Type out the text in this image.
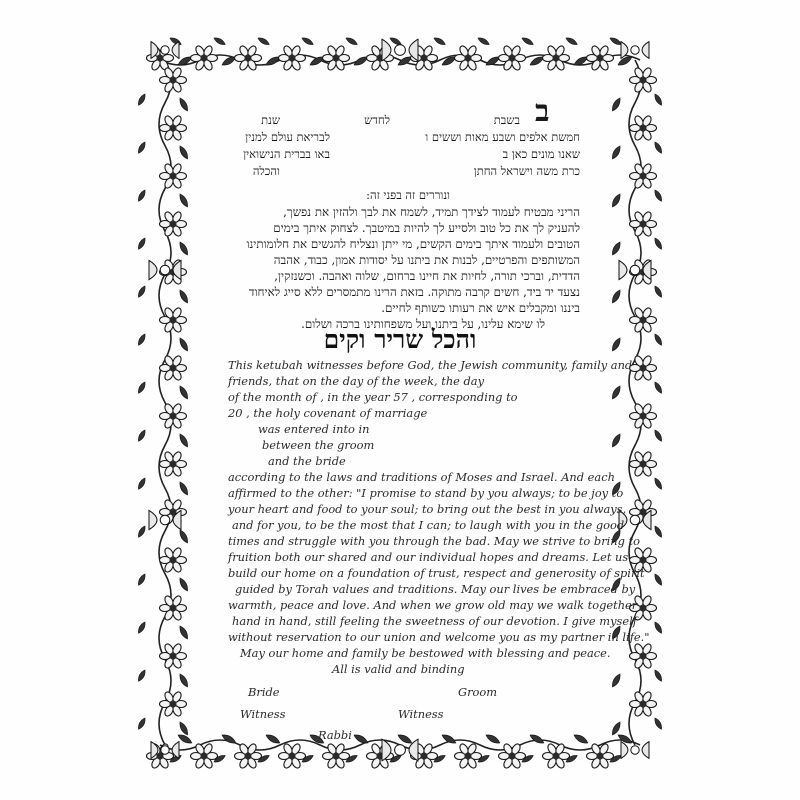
ב
בשבת
לחדש
שנת
חמשת אלפים ושבע מאות וששים ו
לבריאת עולם למנין
שאנו מונים כאן ב
באו בברית הנישואין
כרת משה וישראל החתן
והכלה
ונוררים זה בפני זה:
הריני מבטיח לעמוד לצידך תמיד, לשמח את לבך ולהזין את נפשך,
להעניק לך את כל טוב ולסייע לך להיות במיטבך. לצחוק איתך בימים
הטובים ולעמוד איתך בימים הקשים, מי ייתן ונצליח להגשים את חלומותינו
המשותפים והפרטיים, לבנות את ביתנו על יסודות אמון, כבוד, אהבה
הדדית, וברכי תורה, לחיות את חיינו ברחום, שלוה ואהבה. וכשנזקין,
נצעד יד ביד, חשים קרבה מתוקה. בזאת הרינו מתמסרים ללא סייג לאיחוד
ביננו ומקבלים איש את רעותו כשותף לחיים.
לו שימא עלינו, על ביתנו ועל משפחותינו ברכה ושלום.
והכל שריר וקים
This ketubah witnesses before God, the Jewish community, family and
friends, that on the day of the week, the day
of the month of , in the year 57 , corresponding to
20 , the holy covenant of marriage
was entered into in
between the groom
and the bride
according to the laws and traditions of Moses and Israel. And each
affirmed to the other: "I promise to stand by you always; to be joy to
your heart and food to your soul; to bring out the best in you always,
and for you, to be the most that I can; to laugh with you in the good
times and struggle with you through the bad. May we strive to bring to
fruition both our shared and our individual hopes and dreams. Let us
build our home on a foundation of trust, respect and generosity of spirit
guided by Torah values and traditions. May our lives be embraced by
warmth, peace and love. And when we grow old may we walk together
hand in hand, still feeling the sweetness of our devotion. I give myself
without reservation to our union and welcome you as my partner in life."
May our home and family be bestowed with blessing and peace.
All is valid and binding
Bride	Groom
Witness	Witness
Rabbi
